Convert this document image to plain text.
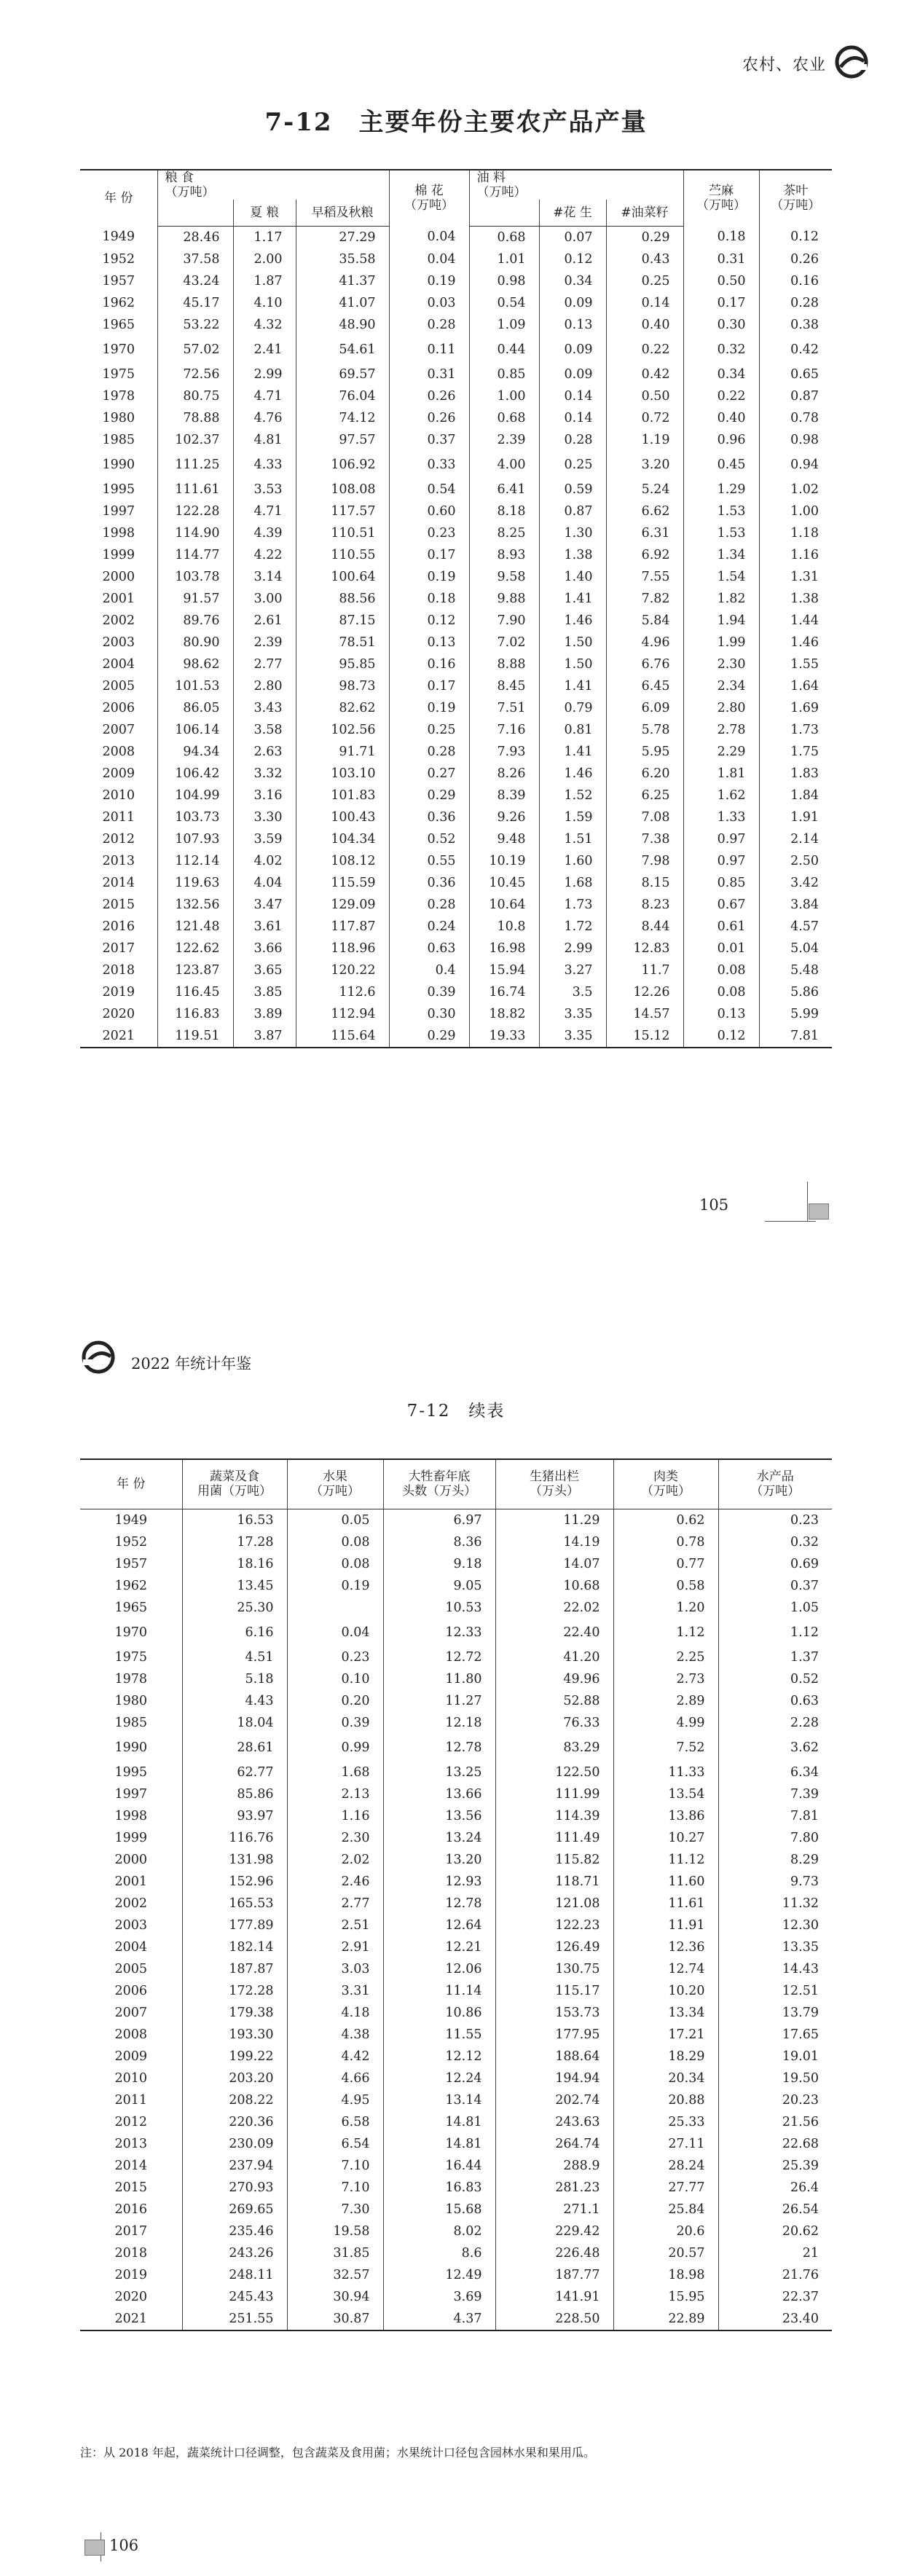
农村、农业
7-12　主要年份主要农产品产量
年 份	粮 食
（万吨）			棉 花
（万吨）	油 料
（万吨）			苎麻
（万吨）	茶叶
（万吨）
		夏 粮	早稻及秋粮			#花 生	#油菜籽		
1949	28.46	1.17	27.29	0.04	0.68	0.07	0.29	0.18	0.12
1952	37.58	2.00	35.58	0.04	1.01	0.12	0.43	0.31	0.26
1957	43.24	1.87	41.37	0.19	0.98	0.34	0.25	0.50	0.16
1962	45.17	4.10	41.07	0.03	0.54	0.09	0.14	0.17	0.28
1965	53.22	4.32	48.90	0.28	1.09	0.13	0.40	0.30	0.38
1970	57.02	2.41	54.61	0.11	0.44	0.09	0.22	0.32	0.42
1975	72.56	2.99	69.57	0.31	0.85	0.09	0.42	0.34	0.65
1978	80.75	4.71	76.04	0.26	1.00	0.14	0.50	0.22	0.87
1980	78.88	4.76	74.12	0.26	0.68	0.14	0.72	0.40	0.78
1985	102.37	4.81	97.57	0.37	2.39	0.28	1.19	0.96	0.98
1990	111.25	4.33	106.92	0.33	4.00	0.25	3.20	0.45	0.94
1995	111.61	3.53	108.08	0.54	6.41	0.59	5.24	1.29	1.02
1997	122.28	4.71	117.57	0.60	8.18	0.87	6.62	1.53	1.00
1998	114.90	4.39	110.51	0.23	8.25	1.30	6.31	1.53	1.18
1999	114.77	4.22	110.55	0.17	8.93	1.38	6.92	1.34	1.16
2000	103.78	3.14	100.64	0.19	9.58	1.40	7.55	1.54	1.31
2001	91.57	3.00	88.56	0.18	9.88	1.41	7.82	1.82	1.38
2002	89.76	2.61	87.15	0.12	7.90	1.46	5.84	1.94	1.44
2003	80.90	2.39	78.51	0.13	7.02	1.50	4.96	1.99	1.46
2004	98.62	2.77	95.85	0.16	8.88	1.50	6.76	2.30	1.55
2005	101.53	2.80	98.73	0.17	8.45	1.41	6.45	2.34	1.64
2006	86.05	3.43	82.62	0.19	7.51	0.79	6.09	2.80	1.69
2007	106.14	3.58	102.56	0.25	7.16	0.81	5.78	2.78	1.73
2008	94.34	2.63	91.71	0.28	7.93	1.41	5.95	2.29	1.75
2009	106.42	3.32	103.10	0.27	8.26	1.46	6.20	1.81	1.83
2010	104.99	3.16	101.83	0.29	8.39	1.52	6.25	1.62	1.84
2011	103.73	3.30	100.43	0.36	9.26	1.59	7.08	1.33	1.91
2012	107.93	3.59	104.34	0.52	9.48	1.51	7.38	0.97	2.14
2013	112.14	4.02	108.12	0.55	10.19	1.60	7.98	0.97	2.50
2014	119.63	4.04	115.59	0.36	10.45	1.68	8.15	0.85	3.42
2015	132.56	3.47	129.09	0.28	10.64	1.73	8.23	0.67	3.84
2016	121.48	3.61	117.87	0.24	10.8	1.72	8.44	0.61	4.57
2017	122.62	3.66	118.96	0.63	16.98	2.99	12.83	0.01	5.04
2018	123.87	3.65	120.22	0.4	15.94	3.27	11.7	0.08	5.48
2019	116.45	3.85	112.6	0.39	16.74	3.5	12.26	0.08	5.86
2020	116.83	3.89	112.94	0.30	18.82	3.35	14.57	0.13	5.99
2021	119.51	3.87	115.64	0.29	19.33	3.35	15.12	0.12	7.81
105
2022 年统计年鉴
7-12　续表
年 份	蔬菜及食
用菌（万吨）	水果
（万吨）	大牲畜年底
头数（万头）	生猪出栏
（万头）	肉类
（万吨）	水产品
（万吨）
1949	16.53	0.05	6.97	11.29	0.62	0.23
1952	17.28	0.08	8.36	14.19	0.78	0.32
1957	18.16	0.08	9.18	14.07	0.77	0.69
1962	13.45	0.19	9.05	10.68	0.58	0.37
1965	25.30		10.53	22.02	1.20	1.05
1970	6.16	0.04	12.33	22.40	1.12	1.12
1975	4.51	0.23	12.72	41.20	2.25	1.37
1978	5.18	0.10	11.80	49.96	2.73	0.52
1980	4.43	0.20	11.27	52.88	2.89	0.63
1985	18.04	0.39	12.18	76.33	4.99	2.28
1990	28.61	0.99	12.78	83.29	7.52	3.62
1995	62.77	1.68	13.25	122.50	11.33	6.34
1997	85.86	2.13	13.66	111.99	13.54	7.39
1998	93.97	1.16	13.56	114.39	13.86	7.81
1999	116.76	2.30	13.24	111.49	10.27	7.80
2000	131.98	2.02	13.20	115.82	11.12	8.29
2001	152.96	2.46	12.93	118.71	11.60	9.73
2002	165.53	2.77	12.78	121.08	11.61	11.32
2003	177.89	2.51	12.64	122.23	11.91	12.30
2004	182.14	2.91	12.21	126.49	12.36	13.35
2005	187.87	3.03	12.06	130.75	12.74	14.43
2006	172.28	3.31	11.14	115.17	10.20	12.51
2007	179.38	4.18	10.86	153.73	13.34	13.79
2008	193.30	4.38	11.55	177.95	17.21	17.65
2009	199.22	4.42	12.12	188.64	18.29	19.01
2010	203.20	4.66	12.24	194.94	20.34	19.50
2011	208.22	4.95	13.14	202.74	20.88	20.23
2012	220.36	6.58	14.81	243.63	25.33	21.56
2013	230.09	6.54	14.81	264.74	27.11	22.68
2014	237.94	7.10	16.44	288.9	28.24	25.39
2015	270.93	7.10	16.83	281.23	27.77	26.4
2016	269.65	7.30	15.68	271.1	25.84	26.54
2017	235.46	19.58	8.02	229.42	20.6	20.62
2018	243.26	31.85	8.6	226.48	20.57	21
2019	248.11	32.57	12.49	187.77	18.98	21.76
2020	245.43	30.94	3.69	141.91	15.95	22.37
2021	251.55	30.87	4.37	228.50	22.89	23.40
注：从 2018 年起，蔬菜统计口径调整，包含蔬菜及食用菌；水果统计口径包含园林水果和果用瓜。
106
